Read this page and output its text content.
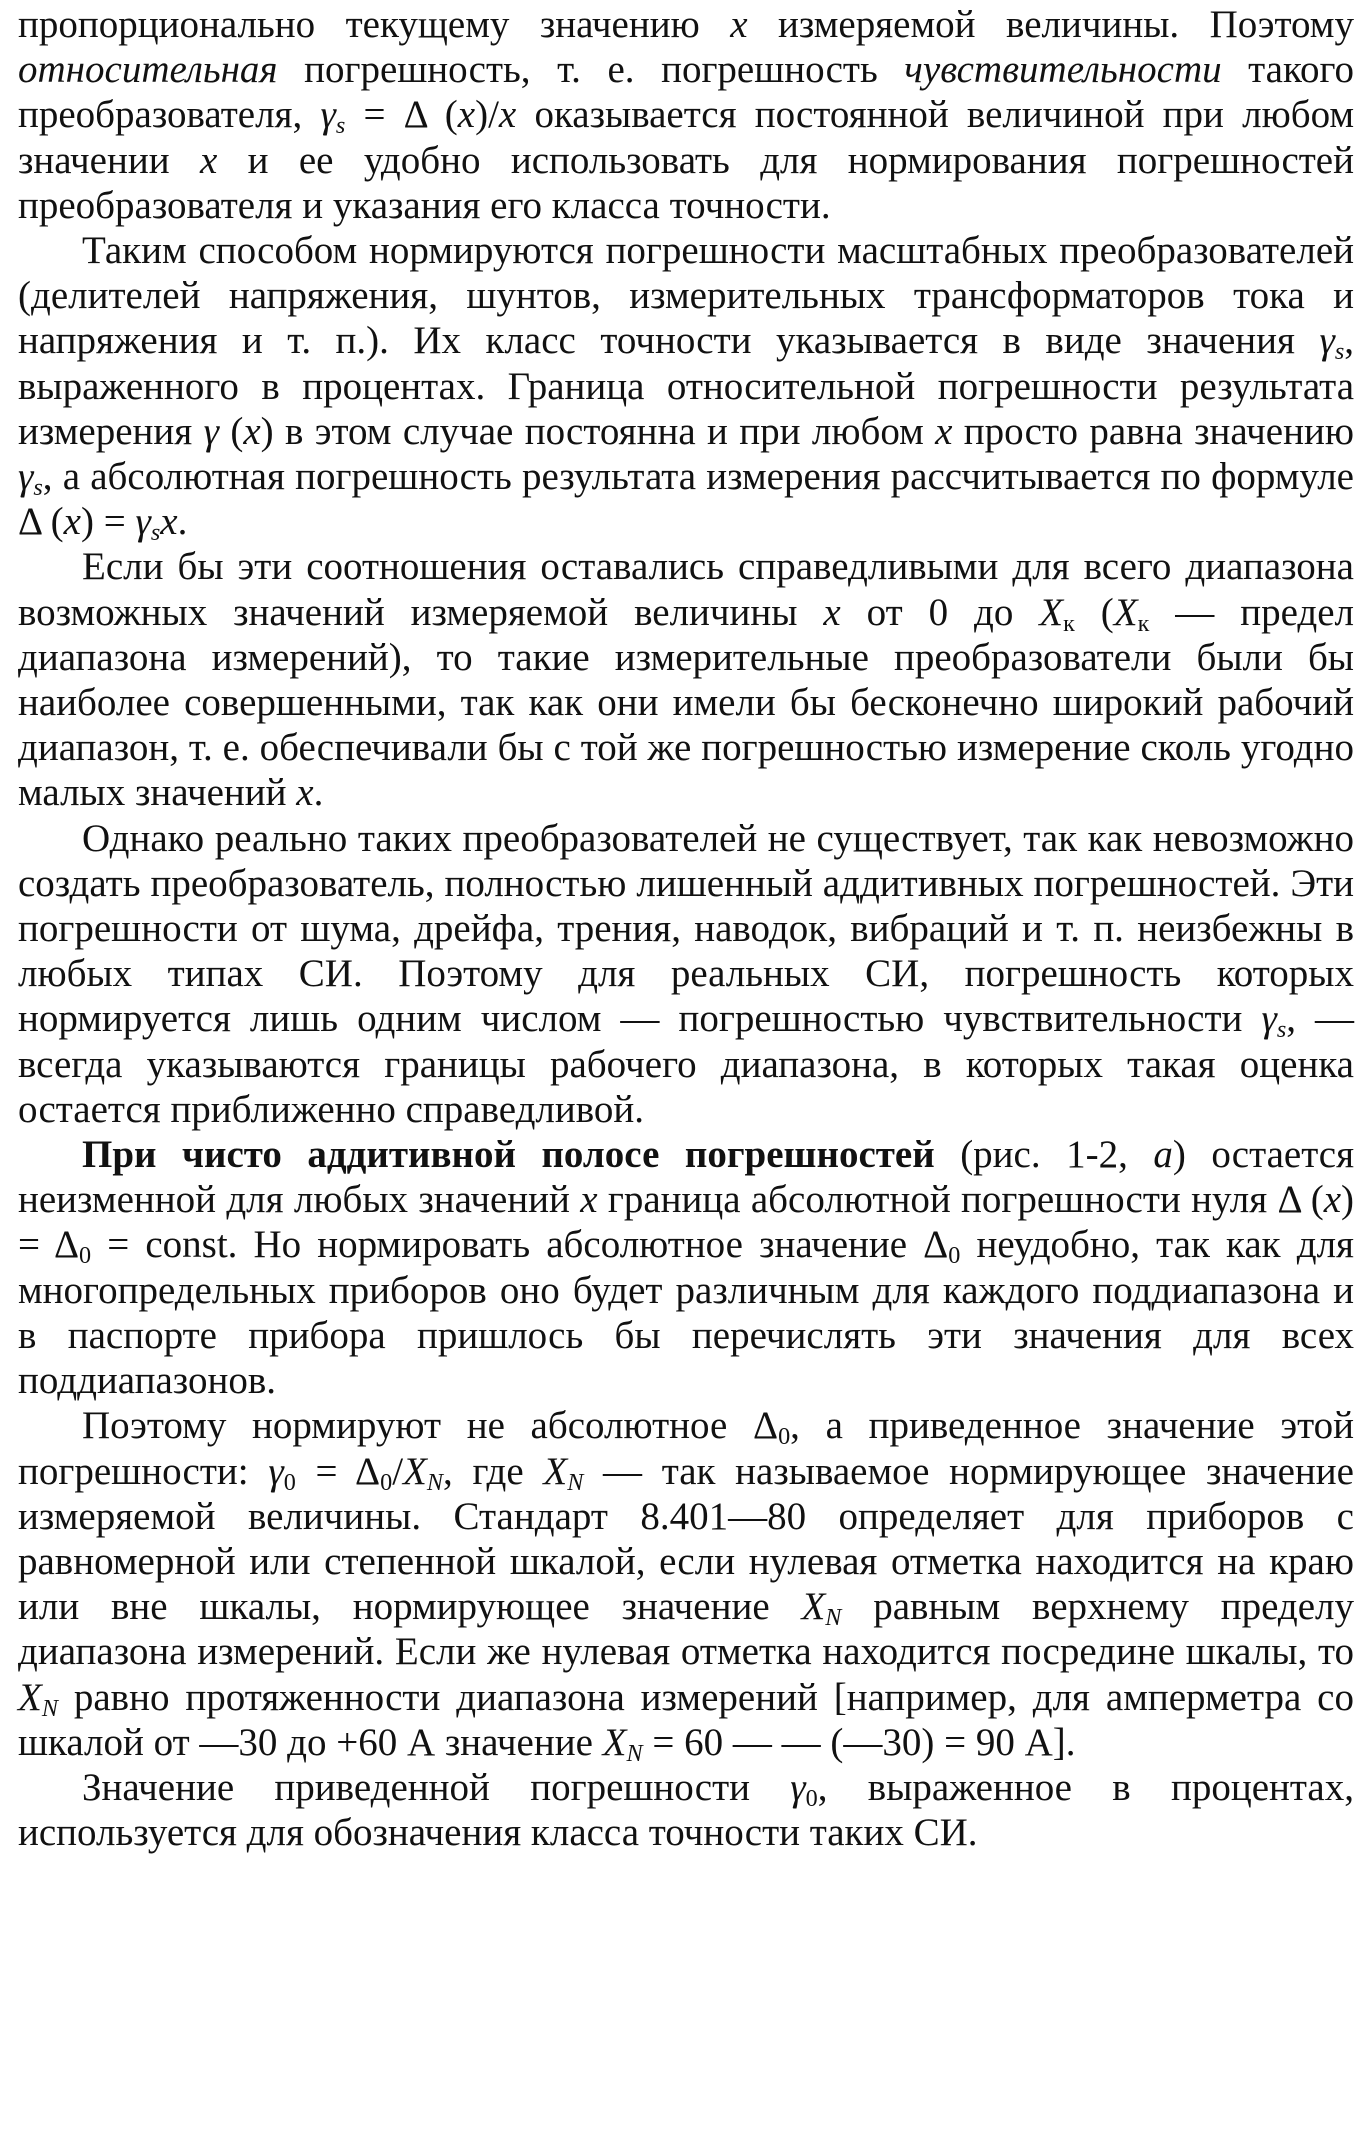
пропорционально текущему значению x измеряемой величины. Поэтому относительная погрешность, т. е. погрешность чувствительности такого преобразователя, $\gamma_s = \Delta$ (x)/x оказывается постоянной величиной при любом значении x и ее удобно использовать для нормирования погрешностей преобразователя и указания его класса точности.

Таким способом нормируются погрешности масштабных преобразователей (делителей напряжения, шунтов, измерительных трансформаторов тока и напряжения и т. п.). Их класс точности указывается в виде значения $\gamma_s$, выраженного в процентах. Граница относительной погрешности результата измерения γ (x) в этом случае постоянна и при любом x просто равна значению $\gamma_s$, а абсолютная погрешность результата измерения рассчитывается по формуле Δ $(x) = \gamma_sx$.

Если бы эти соотношения оставались справедливыми для всего диапазона возможных значений измеряемой величины x от 0 до $X_к$ ($X_к$ — предел диапазона измерений), то такие измерительные преобразователи были бы наиболее совершенными, так как они имели бы бесконечно широкий рабочий диапазон, т. е. обеспечивали бы с той же погрешностью измерение сколь угодно малых значений x.

Однако реально таких преобразователей не существует, так как невозможно создать преобразователь, полностью лишенный аддитивных погрешностей. Эти погрешности от шума, дрейфа, трения, наводок, вибраций и т. п. неизбежны в любых типах СИ. Поэтому для реальных СИ, погрешность которых нормируется лишь одним числом — погрешностью чувствительности $\gamma_s$, — всегда указываются границы рабочего диапазона, в которых такая оценка остается приближенно справедливой.

При чисто аддитивной полосе погрешностей (рис. 1-2, а) остается неизменной для любых значений x граница абсолютной погрешности нуля Δ $(x) = \Delta_0$ = const. Но нормировать абсолютное значение $\Delta_0$ неудобно, так как для многопредельных приборов оно будет различным для каждого поддиапазона и в паспорте прибора пришлось бы перечислять эти значения для всех поддиапазонов.

Поэтому нормируют не абсолютное $\Delta_0$, а приведенное значение этой погрешности: $\gamma_0 = \Delta_0/X_N$, где $X_N$ — так называемое нормирующее значение измеряемой величины. Стандарт 8.401—80 определяет для приборов с равномерной или степенной шкалой, если нулевая отметка находится на краю или вне шкалы, нормирующее значение $X_N$ равным верхнему пределу диапазона измерений. Если же нулевая отметка находится посредине шкалы, то $X_N$ равно протяженности диапазона измерений [например, для амперметра со шкалой от —30 до +60 А значение $X_N = 60$ — — (—30) = 90 А].

Значение приведенной погрешности $\gamma_0$, выраженное в процентах, используется для обозначения класса точности таких СИ.
